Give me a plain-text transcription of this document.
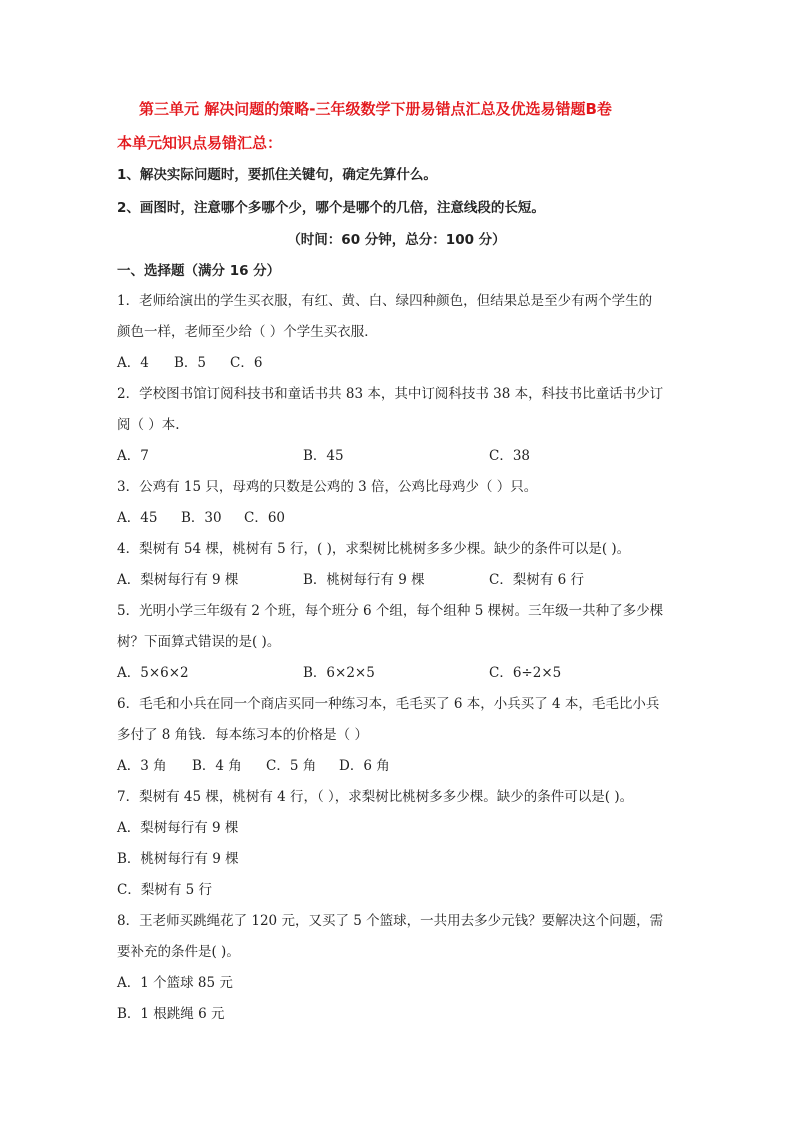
第三单元 解决问题的策略-三年级数学下册易错点汇总及优选易错题B卷
本单元知识点易错汇总：
1、解决实际问题时，要抓住关键句，确定先算什么。
2、画图时，注意哪个多哪个少，哪个是哪个的几倍，注意线段的长短。
（时间：60 分钟，总分：100 分）
一、选择题（满分 16 分）
1．老师给演出的学生买衣服，有红、黄、白、绿四种颜色，但结果总是至少有两个学生的
颜色一样，老师至少给（ ）个学生买衣服．
A．4 B．5 C．6
2．学校图书馆订阅科技书和童话书共 83 本，其中订阅科技书 38 本，科技书比童话书少订
阅（ ）本.
A．7	B．45	C．38
3．公鸡有 15 只，母鸡的只数是公鸡的 3 倍，公鸡比母鸡少（ ）只。
A．45 B．30 C．60
4．梨树有 54 棵，桃树有 5 行，( )，求梨树比桃树多多少棵。缺少的条件可以是( )。
A．梨树每行有 9 棵	B．桃树每行有 9 棵	C．梨树有 6 行
5．光明小学三年级有 2 个班，每个班分 6 个组，每个组种 5 棵树。三年级一共种了多少棵
树？下面算式错误的是( )。
A．5×6×2	B．6×2×5	C．6÷2×5
6．毛毛和小兵在同一个商店买同一种练习本，毛毛买了 6 本，小兵买了 4 本，毛毛比小兵
多付了 8 角钱．每本练习本的价格是（ ）
A．3 角 B．4 角 C．5 角 D．6 角
7．梨树有 45 棵，桃树有 4 行，（ ），求梨树比桃树多多少棵。缺少的条件可以是( )。
A．梨树每行有 9 棵
B．桃树每行有 9 棵
C．梨树有 5 行
8．王老师买跳绳花了 120 元，又买了 5 个篮球，一共用去多少元钱？要解决这个问题，需
要补充的条件是( )。
A．1 个篮球 85 元
B．1 根跳绳 6 元
